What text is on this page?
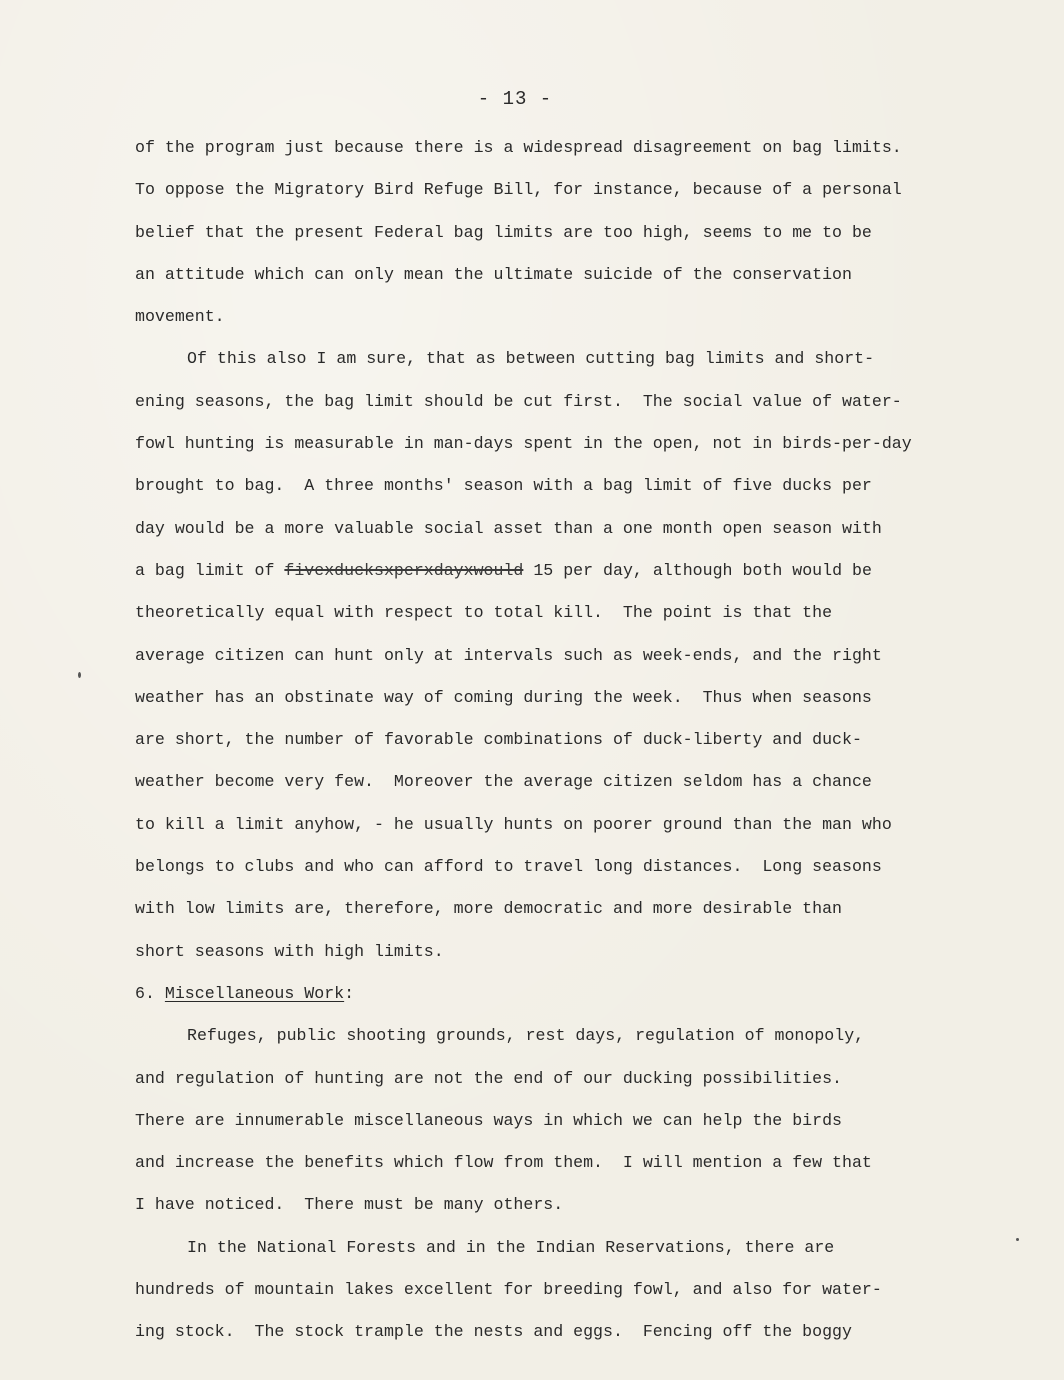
- 13 -
of the program just because there is a widespread disagreement on bag limits.
To oppose the Migratory Bird Refuge Bill, for instance, because of a personal
belief that the present Federal bag limits are too high, seems to me to be
an attitude which can only mean the ultimate suicide of the conservation
movement.
Of this also I am sure, that as between cutting bag limits and short-
ening seasons, the bag limit should be cut first.  The social value of water-
fowl hunting is measurable in man-days spent in the open, not in birds-per-day
brought to bag.  A three months' season with a bag limit of five ducks per
day would be a more valuable social asset than a one month open season with
a bag limit of fivexducksxperxdayxwould 15 per day, although both would be
theoretically equal with respect to total kill.  The point is that the
average citizen can hunt only at intervals such as week-ends, and the right
weather has an obstinate way of coming during the week.  Thus when seasons
are short, the number of favorable combinations of duck-liberty and duck-
weather become very few.  Moreover the average citizen seldom has a chance
to kill a limit anyhow, - he usually hunts on poorer ground than the man who
belongs to clubs and who can afford to travel long distances.  Long seasons
with low limits are, therefore, more democratic and more desirable than
short seasons with high limits.
6. Miscellaneous Work:
Refuges, public shooting grounds, rest days, regulation of monopoly,
and regulation of hunting are not the end of our ducking possibilities.
There are innumerable miscellaneous ways in which we can help the birds
and increase the benefits which flow from them.  I will mention a few that
I have noticed.  There must be many others.
In the National Forests and in the Indian Reservations, there are
hundreds of mountain lakes excellent for breeding fowl, and also for water-
ing stock.  The stock trample the nests and eggs.  Fencing off the boggy
